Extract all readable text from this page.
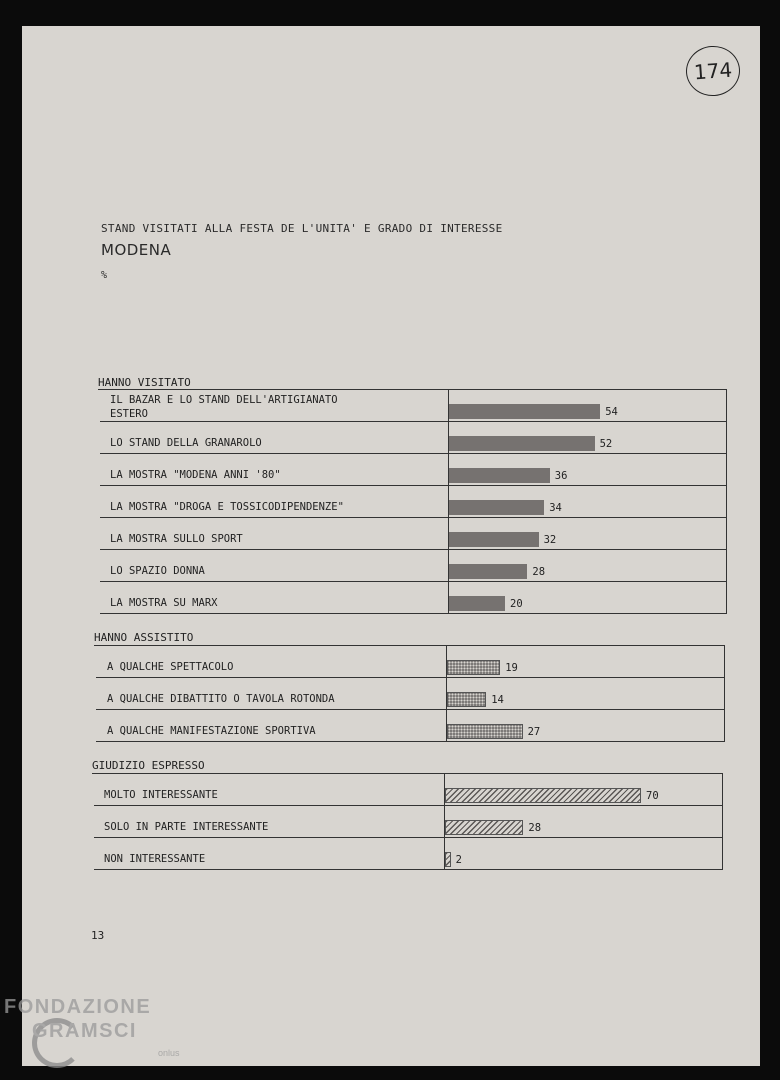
174
STAND VISITATI ALLA FESTA DE L'UNITA' E GRADO DI INTERESSE
MODENA
%
HANNO VISITATO
IL BAZAR E LO STAND DELL'ARTIGIANATO
ESTERO	54
LO STAND DELLA GRANAROLO	52
LA MOSTRA "MODENA ANNI '80"	36
LA MOSTRA "DROGA E TOSSICODIPENDENZE"	34
LA MOSTRA SULLO SPORT	32
LO SPAZIO DONNA	28
LA MOSTRA SU MARX	20
HANNO ASSISTITO
A QUALCHE SPETTACOLO	19
A QUALCHE DIBATTITO O TAVOLA ROTONDA	14
A QUALCHE MANIFESTAZIONE SPORTIVA	27
GIUDIZIO ESPRESSO
MOLTO INTERESSANTE	70
SOLO IN PARTE INTERESSANTE	28
NON INTERESSANTE	2
13
FONDAZIONE
GRAMSCI
onlus
